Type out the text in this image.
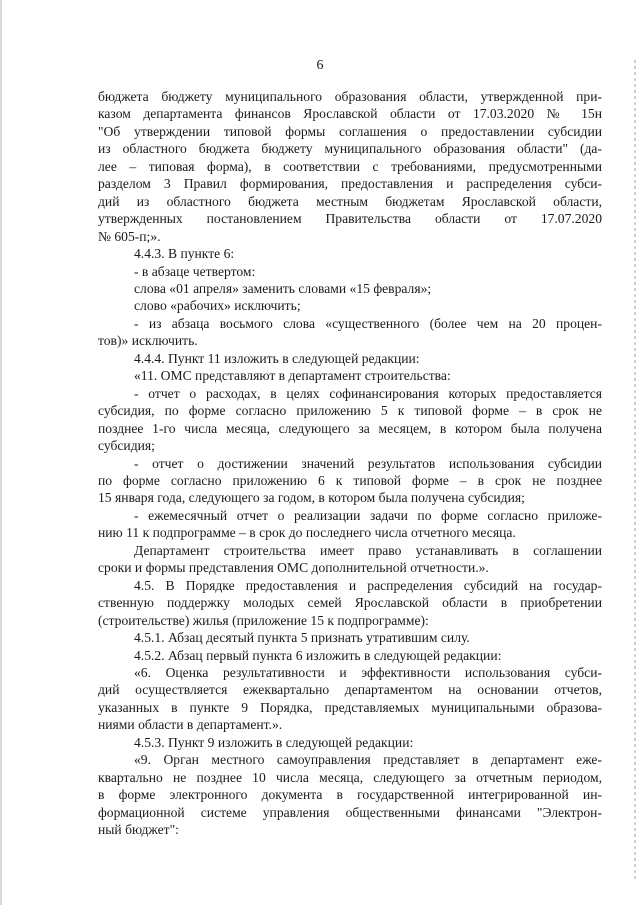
6

бюджета бюджету муниципального образования области, утвержденной при-

казом департамента финансов Ярославской области от 17.03.2020 № 15н

"Об утверждении типовой формы соглашения о предоставлении субсидии

из областного бюджета бюджету муниципального образования области" (да-

лее – типовая форма), в соответствии с требованиями, предусмотренными

разделом 3 Правил формирования, предоставления и распределения субси-

дий из областного бюджета местным бюджетам Ярославской области,

утвержденных постановлением Правительства области от 17.07.2020

№ 605-п;».

4.4.3. В пункте 6:

- в абзаце четвертом:

слова «01 апреля» заменить словами «15 февраля»;

слово «рабочих» исключить;

- из абзаца восьмого слова «существенного (более чем на 20 процен-

тов)» исключить.

4.4.4. Пункт 11 изложить в следующей редакции:

«11. ОМС представляют в департамент строительства:

- отчет о расходах, в целях софинансирования которых предоставляется

субсидия, по форме согласно приложению 5 к типовой форме – в срок не

позднее 1-го числа месяца, следующего за месяцем, в котором была получена

субсидия;

- отчет о достижении значений результатов использования субсидии

по форме согласно приложению 6 к типовой форме – в срок не позднее

15 января года, следующего за годом, в котором была получена субсидия;

- ежемесячный отчет о реализации задачи по форме согласно приложе-

нию 11 к подпрограмме – в срок до последнего числа отчетного месяца.

Департамент строительства имеет право устанавливать в соглашении

сроки и формы представления ОМС дополнительной отчетности.».

4.5. В Порядке предоставления и распределения субсидий на государ-

ственную поддержку молодых семей Ярославской области в приобретении

(строительстве) жилья (приложение 15 к подпрограмме):

4.5.1. Абзац десятый пункта 5 признать утратившим силу.

4.5.2. Абзац первый пункта 6 изложить в следующей редакции:

«6. Оценка результативности и эффективности использования субси-

дий осуществляется ежеквартально департаментом на основании отчетов,

указанных в пункте 9 Порядка, представляемых муниципальными образова-

ниями области в департамент.».

4.5.3. Пункт 9 изложить в следующей редакции:

«9. Орган местного самоуправления представляет в департамент еже-

квартально не позднее 10 числа месяца, следующего за отчетным периодом,

в форме электронного документа в государственной интегрированной ин-

формационной системе управления общественными финансами "Электрон-

ный бюджет":
